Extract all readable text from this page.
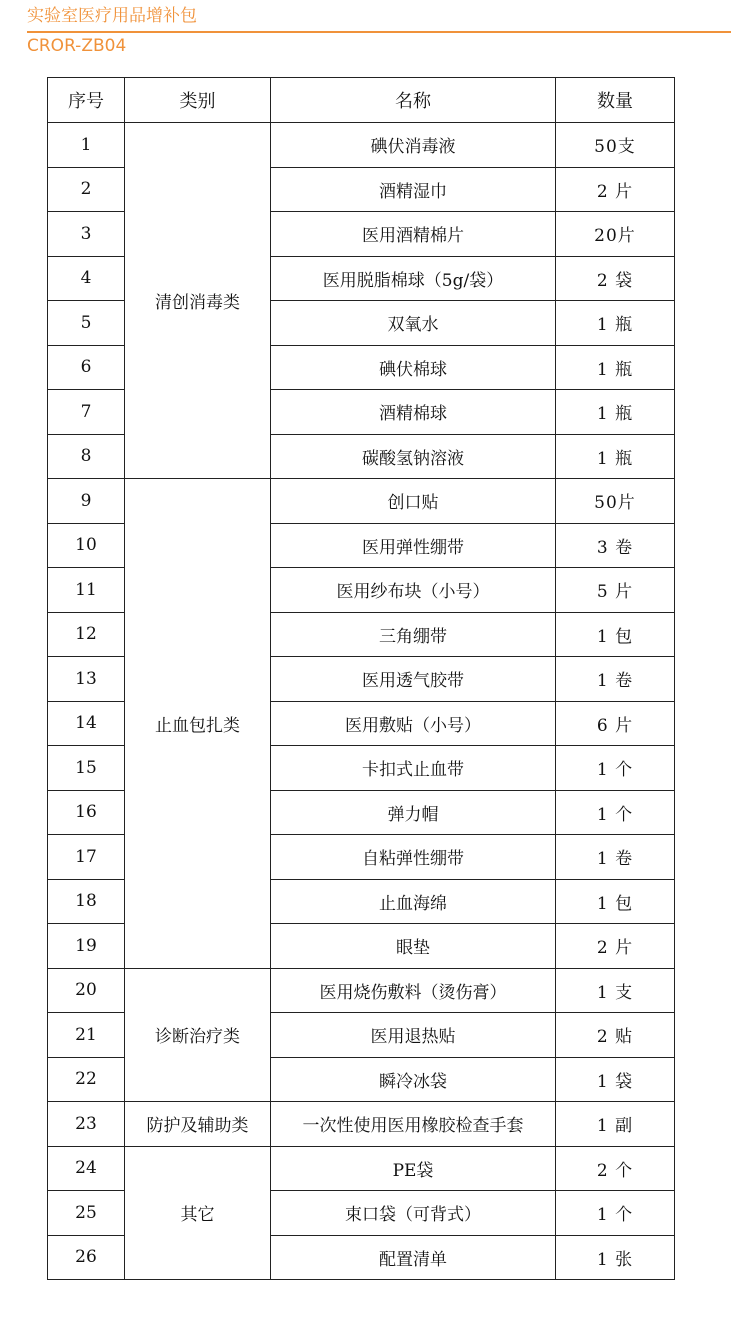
实验室医疗用品增补包
CROR-ZB04
序号	类别	名称	数量
1	清创消毒类	碘伏消毒液	50支
2		酒精湿巾	2 片
3		医用酒精棉片	20片
4		医用脱脂棉球（5g/袋）	2 袋
5		双氧水	1 瓶
6		碘伏棉球	1 瓶
7		酒精棉球	1 瓶
8		碳酸氢钠溶液	1 瓶
9	止血包扎类	创口贴	50片
10		医用弹性绷带	3 卷
11		医用纱布块（小号）	5 片
12		三角绷带	1 包
13		医用透气胶带	1 卷
14		医用敷贴（小号）	6 片
15		卡扣式止血带	1 个
16		弹力帽	1 个
17		自粘弹性绷带	1 卷
18		止血海绵	1 包
19		眼垫	2 片
20	诊断治疗类	医用烧伤敷料（烫伤膏）	1 支
21		医用退热贴	2 贴
22		瞬冷冰袋	1 袋
23	防护及辅助类	一次性使用医用橡胶检查手套	1 副
24	其它	PE袋	2 个
25		束口袋（可背式）	1 个
26		配置清单	1 张
